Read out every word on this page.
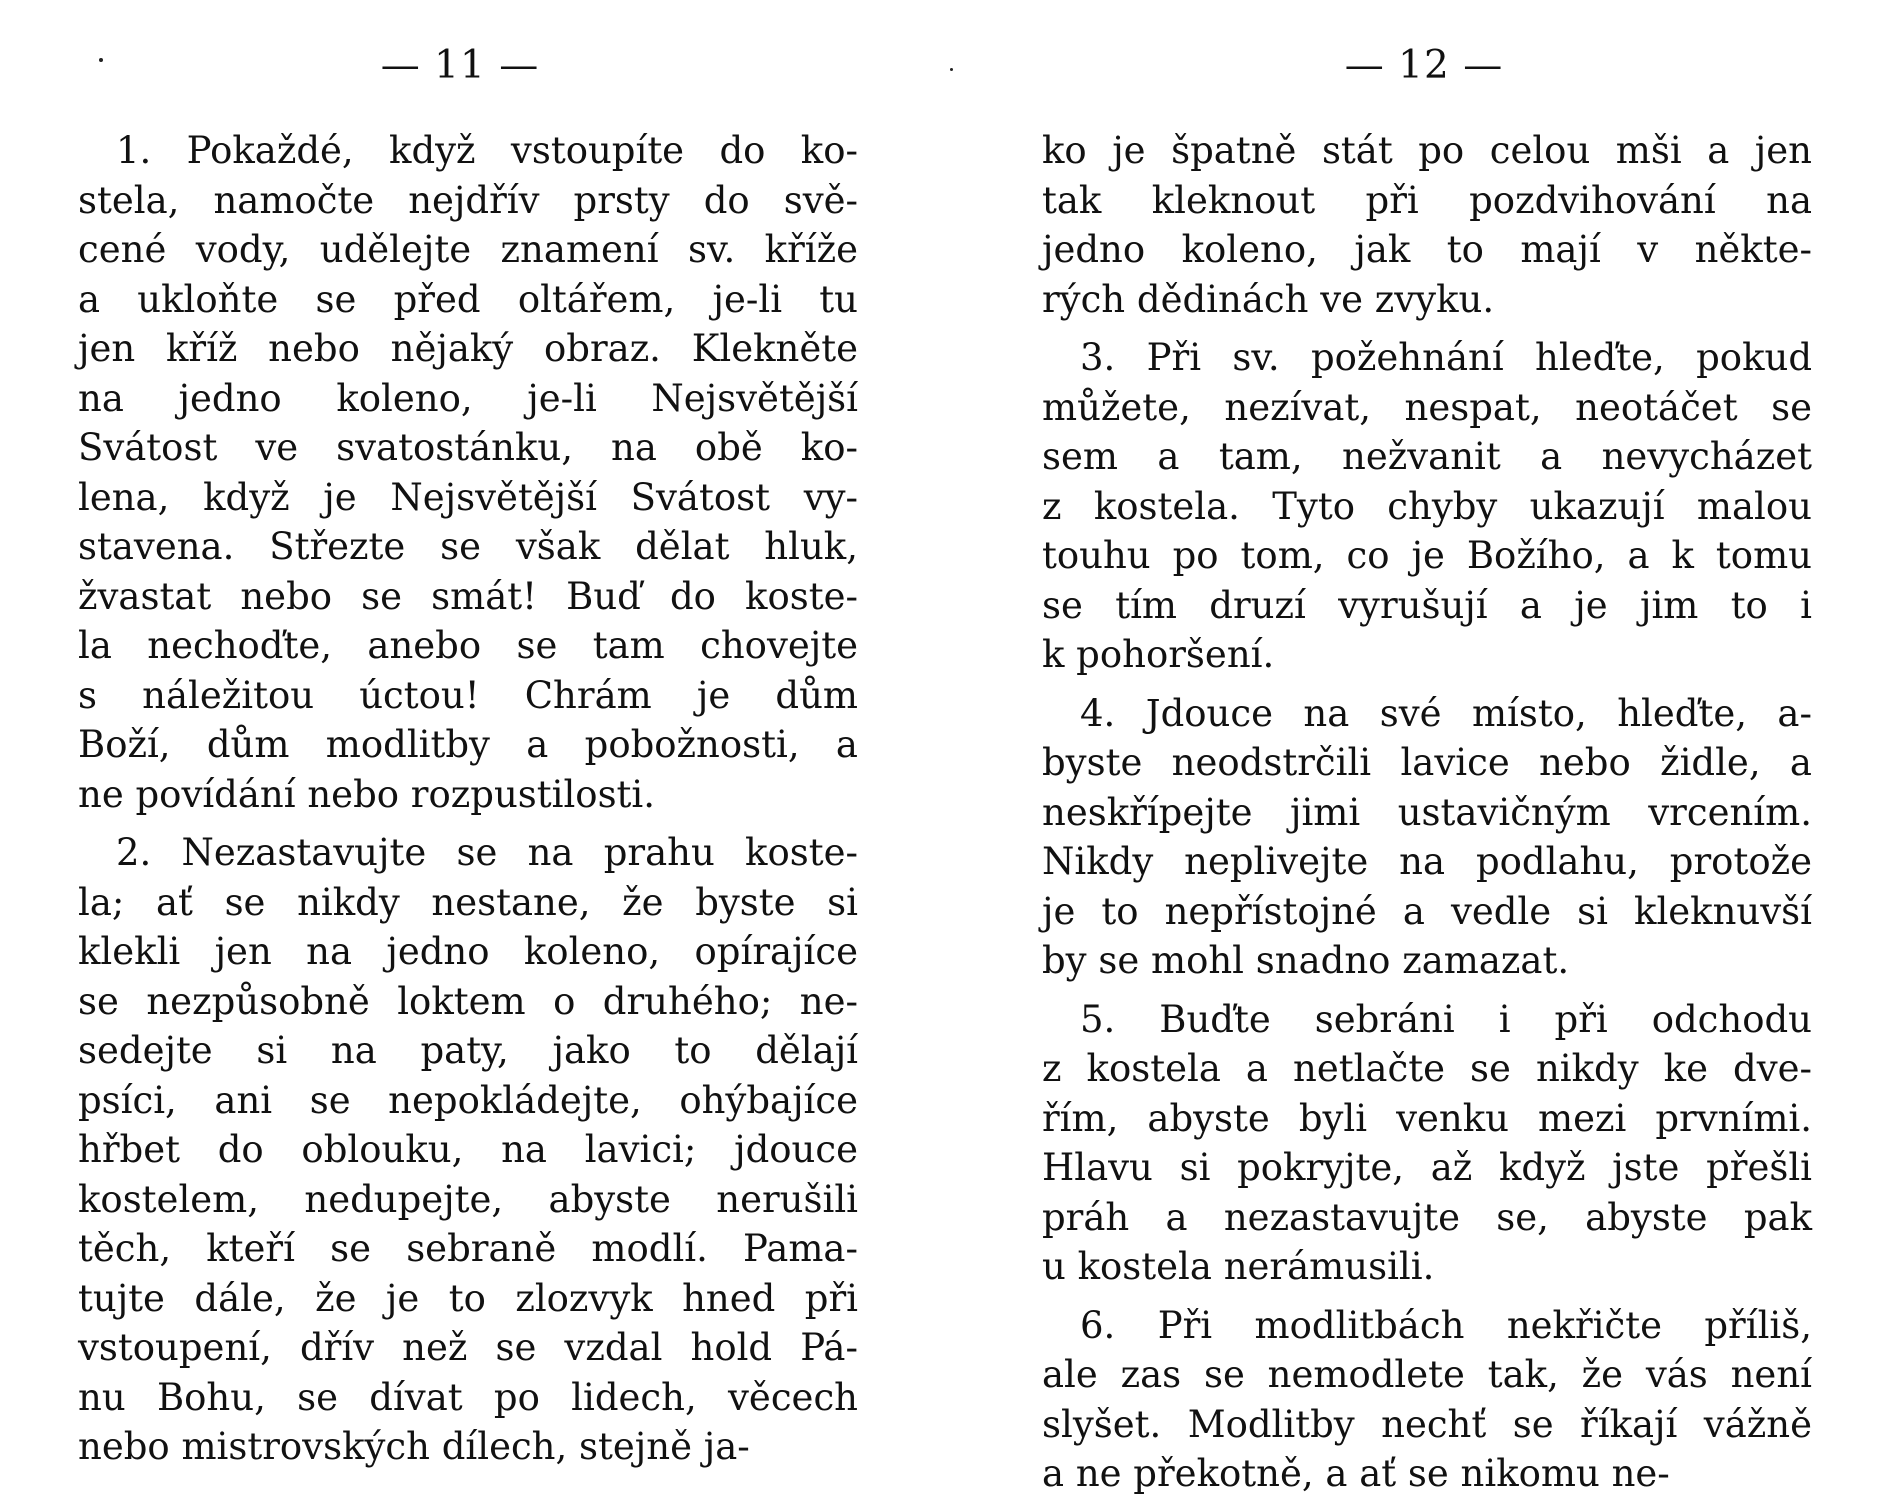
— 11 —
1. Pokaždé, když vstoupíte do ko-
stela, namočte nejdřív prsty do svě-
cené vody, udělejte znamení sv. kříže
a ukloňte se před oltářem, je-li tu
jen kříž nebo nějaký obraz. Klekněte
na jedno koleno, je-li Nejsvětější
Svátost ve svatostánku, na obě ko-
lena, když je Nejsvětější Svátost vy-
stavena. Střezte se však dělat hluk,
žvastat nebo se smát! Buď do koste-
la nechoďte, anebo se tam chovejte
s náležitou úctou! Chrám je dům
Boží, dům modlitby a pobožnosti, a
ne povídání nebo rozpustilosti.
2. Nezastavujte se na prahu koste-
la; ať se nikdy nestane, že byste si
klekli jen na jedno koleno, opírajíce
se nezpůsobně loktem o druhého; ne-
sedejte si na paty, jako to dělají
psíci, ani se nepokládejte, ohýbajíce
hřbet do oblouku, na lavici; jdouce
kostelem, nedupejte, abyste nerušili
těch, kteří se sebraně modlí. Pama-
tujte dále, že je to zlozvyk hned při
vstoupení, dřív než se vzdal hold Pá-
nu Bohu, se dívat po lidech, věcech
nebo mistrovských dílech, stejně ja-
— 12 —
ko je špatně stát po celou mši a jen
tak kleknout při pozdvihování na
jedno koleno, jak to mají v někte-
rých dědinách ve zvyku.
3. Při sv. požehnání hleďte, pokud
můžete, nezívat, nespat, neotáčet se
sem a tam, nežvanit a nevycházet
z kostela. Tyto chyby ukazují malou
touhu po tom, co je Božího, a k tomu
se tím druzí vyrušují a je jim to i
k pohoršení.
4. Jdouce na své místo, hleďte, a-
byste neodstrčili lavice nebo židle, a
neskřípejte jimi ustavičným vrcením.
Nikdy neplivejte na podlahu, protože
je to nepřístojné a vedle si kleknuvší
by se mohl snadno zamazat.
5. Buďte sebráni i při odchodu
z kostela a netlačte se nikdy ke dve-
řím, abyste byli venku mezi prvními.
Hlavu si pokryjte, až když jste přešli
práh a nezastavujte se, abyste pak
u kostela nerámusili.
6. Při modlitbách nekřičte příliš,
ale zas se nemodlete tak, že vás není
slyšet. Modlitby nechť se říkají vážně
a ne překotně, a ať se nikomu ne-
